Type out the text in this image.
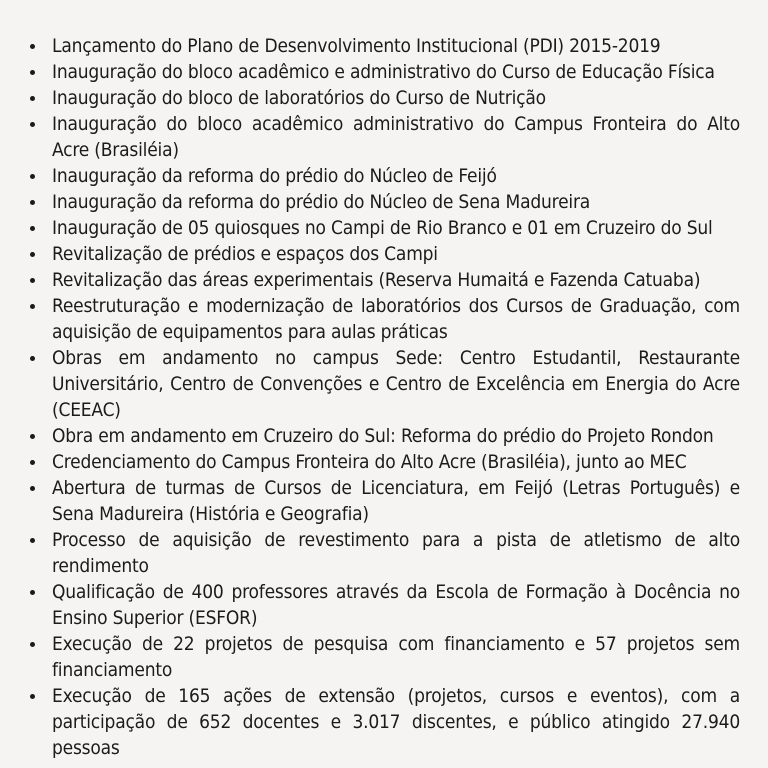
Lançamento do Plano de Desenvolvimento Institucional (PDI) 2015-2019
Inauguração do bloco acadêmico e administrativo do Curso de Educação Física
Inauguração do bloco de laboratórios do Curso de Nutrição
Inauguração do bloco acadêmico administrativo do Campus Fronteira do Alto Acre (Brasiléia)
Inauguração da reforma do prédio do Núcleo de Feijó
Inauguração da reforma do prédio do Núcleo de Sena Madureira
Inauguração de 05 quiosques no Campi de Rio Branco e 01 em Cruzeiro do Sul
Revitalização de prédios e espaços dos Campi
Revitalização das áreas experimentais (Reserva Humaitá e Fazenda Catuaba)
Reestruturação e modernização de laboratórios dos Cursos de Graduação, com aquisição de equipamentos para aulas práticas
Obras em andamento no campus Sede: Centro Estudantil, Restaurante Universitário, Centro de Convenções e Centro de Excelência em Energia do Acre (CEEAC)
Obra em andamento em Cruzeiro do Sul: Reforma do prédio do Projeto Rondon
Credenciamento do Campus Fronteira do Alto Acre (Brasiléia), junto ao MEC
Abertura de turmas de Cursos de Licenciatura, em Feijó (Letras Português) e Sena Madureira (História e Geografia)
Processo de aquisição de revestimento para a pista de atletismo de alto rendimento
Qualificação de 400 professores através da Escola de Formação à Docência no Ensino Superior (ESFOR)
Execução de 22 projetos de pesquisa com financiamento e 57 projetos sem financiamento
Execução de 165 ações de extensão (projetos, cursos e eventos), com a participação de 652 docentes e 3.017 discentes, e público atingido 27.940 pessoas
